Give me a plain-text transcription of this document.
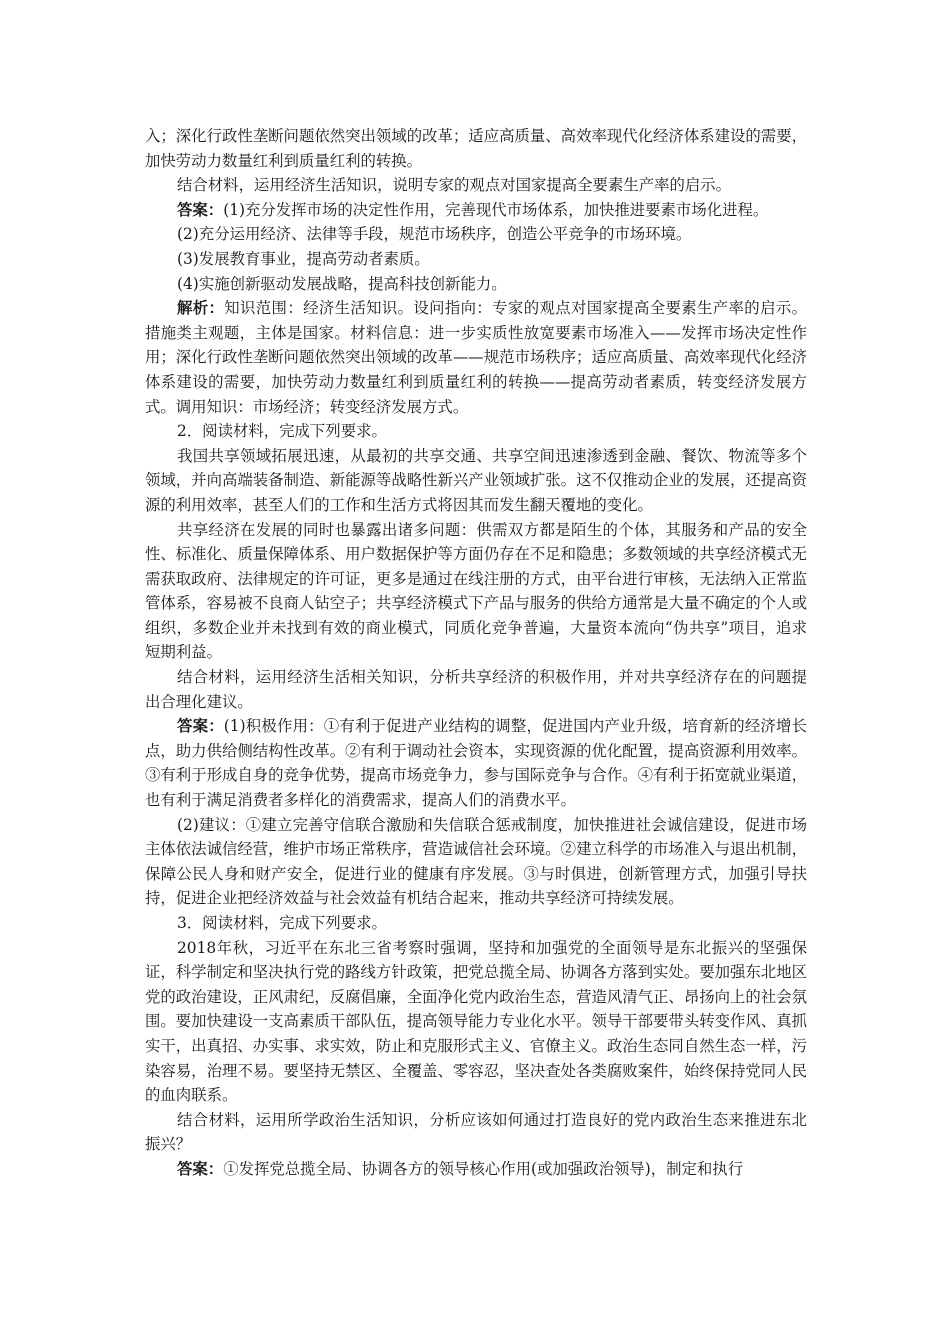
入；深化行政性垄断问题依然突出领域的改革；适应高质量、高效率现代化经济体系建设的需要，加快劳动力数量红利到质量红利的转换。

结合材料，运用经济生活知识，说明专家的观点对国家提高全要素生产率的启示。

答案：(1)充分发挥市场的决定性作用，完善现代市场体系，加快推进要素市场化进程。

(2)充分运用经济、法律等手段，规范市场秩序，创造公平竞争的市场环境。

(3)发展教育事业，提高劳动者素质。

(4)实施创新驱动发展战略，提高科技创新能力。

解析：知识范围：经济生活知识。设问指向：专家的观点对国家提高全要素生产率的启示。措施类主观题，主体是国家。材料信息：进一步实质性放宽要素市场准入——发挥市场决定性作用；深化行政性垄断问题依然突出领域的改革——规范市场秩序；适应高质量、高效率现代化经济体系建设的需要，加快劳动力数量红利到质量红利的转换——提高劳动者素质，转变经济发展方式。调用知识：市场经济；转变经济发展方式。

2．阅读材料，完成下列要求。

我国共享领域拓展迅速，从最初的共享交通、共享空间迅速渗透到金融、餐饮、物流等多个领域，并向高端装备制造、新能源等战略性新兴产业领域扩张。这不仅推动企业的发展，还提高资源的利用效率，甚至人们的工作和生活方式将因其而发生翻天覆地的变化。

共享经济在发展的同时也暴露出诸多问题：供需双方都是陌生的个体，其服务和产品的安全性、标准化、质量保障体系、用户数据保护等方面仍存在不足和隐患；多数领域的共享经济模式无需获取政府、法律规定的许可证，更多是通过在线注册的方式，由平台进行审核，无法纳入正常监管体系，容易被不良商人钻空子；共享经济模式下产品与服务的供给方通常是大量不确定的个人或组织，多数企业并未找到有效的商业模式，同质化竞争普遍，大量资本流向“伪共享”项目，追求短期利益。

结合材料，运用经济生活相关知识，分析共享经济的积极作用，并对共享经济存在的问题提出合理化建议。

答案：(1)积极作用：①有利于促进产业结构的调整，促进国内产业升级，培育新的经济增长点，助力供给侧结构性改革。②有利于调动社会资本，实现资源的优化配置，提高资源利用效率。③有利于形成自身的竞争优势，提高市场竞争力，参与国际竞争与合作。④有利于拓宽就业渠道，也有利于满足消费者多样化的消费需求，提高人们的消费水平。

(2)建议：①建立完善守信联合激励和失信联合惩戒制度，加快推进社会诚信建设，促进市场主体依法诚信经营，维护市场正常秩序，营造诚信社会环境。②建立科学的市场准入与退出机制，保障公民人身和财产安全，促进行业的健康有序发展。③与时俱进，创新管理方式，加强引导扶持，促进企业把经济效益与社会效益有机结合起来，推动共享经济可持续发展。

3．阅读材料，完成下列要求。

2018年秋，习近平在东北三省考察时强调，坚持和加强党的全面领导是东北振兴的坚强保证，科学制定和坚决执行党的路线方针政策，把党总揽全局、协调各方落到实处。要加强东北地区党的政治建设，正风肃纪，反腐倡廉，全面净化党内政治生态，营造风清气正、昂扬向上的社会氛围。要加快建设一支高素质干部队伍，提高领导能力专业化水平。领导干部要带头转变作风、真抓实干，出真招、办实事、求实效，防止和克服形式主义、官僚主义。政治生态同自然生态一样，污染容易，治理不易。要坚持无禁区、全覆盖、零容忍，坚决查处各类腐败案件，始终保持党同人民的血肉联系。

结合材料，运用所学政治生活知识，分析应该如何通过打造良好的党内政治生态来推进东北振兴？

答案：①发挥党总揽全局、协调各方的领导核心作用(或加强政治领导)，制定和执行
